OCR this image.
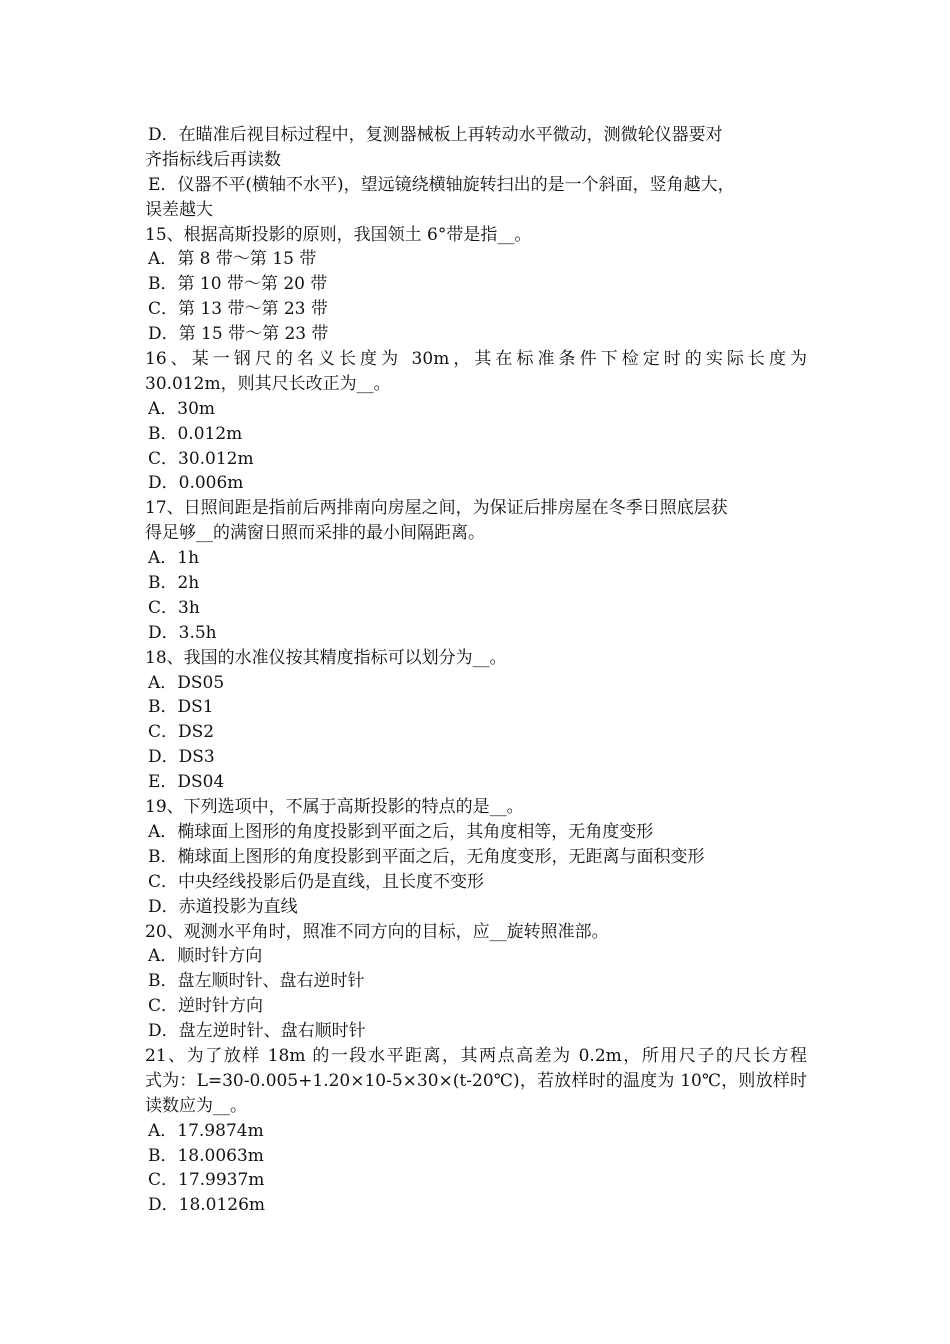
D．在瞄准后视目标过程中，复测器械板上再转动水平微动，测微轮仪器要对
齐指标线后再读数
E．仪器不平(横轴不水平)，望远镜绕横轴旋转扫出的是一个斜面，竖角越大，
误差越大
15、根据高斯投影的原则，我国领土 6°带是指__。
A．第 8 带～第 15 带
B．第 10 带～第 20 带
C．第 13 带～第 23 带
D．第 15 带～第 23 带
16、某一钢尺的名义长度为 30m，其在标准条件下检定时的实际长度为
30.012m，则其尺长改正为__。
A．30m
B．0.012m
C．30.012m
D．0.006m
17、日照间距是指前后两排南向房屋之间，为保证后排房屋在冬季日照底层获
得足够__的满窗日照而采排的最小间隔距离。
A．1h
B．2h
C．3h
D．3.5h
18、我国的水准仪按其精度指标可以划分为__。
A．DS05
B．DS1
C．DS2
D．DS3
E．DS04
19、下列选项中，不属于高斯投影的特点的是__。
A．椭球面上图形的角度投影到平面之后，其角度相等，无角度变形
B．椭球面上图形的角度投影到平面之后，无角度变形，无距离与面积变形
C．中央经线投影后仍是直线，且长度不变形
D．赤道投影为直线
20、观测水平角时，照准不同方向的目标，应__旋转照准部。
A．顺时针方向
B．盘左顺时针、盘右逆时针
C．逆时针方向
D．盘左逆时针、盘右顺时针
21、为了放样 18m 的一段水平距离，其两点高差为 0.2m，所用尺子的尺长方程
式为：L=30-0.005+1.20×10-5×30×(t-20℃)，若放样时的温度为 10℃，则放样时
读数应为__。
A．17.9874m
B．18.0063m
C．17.9937m
D．18.0126m
